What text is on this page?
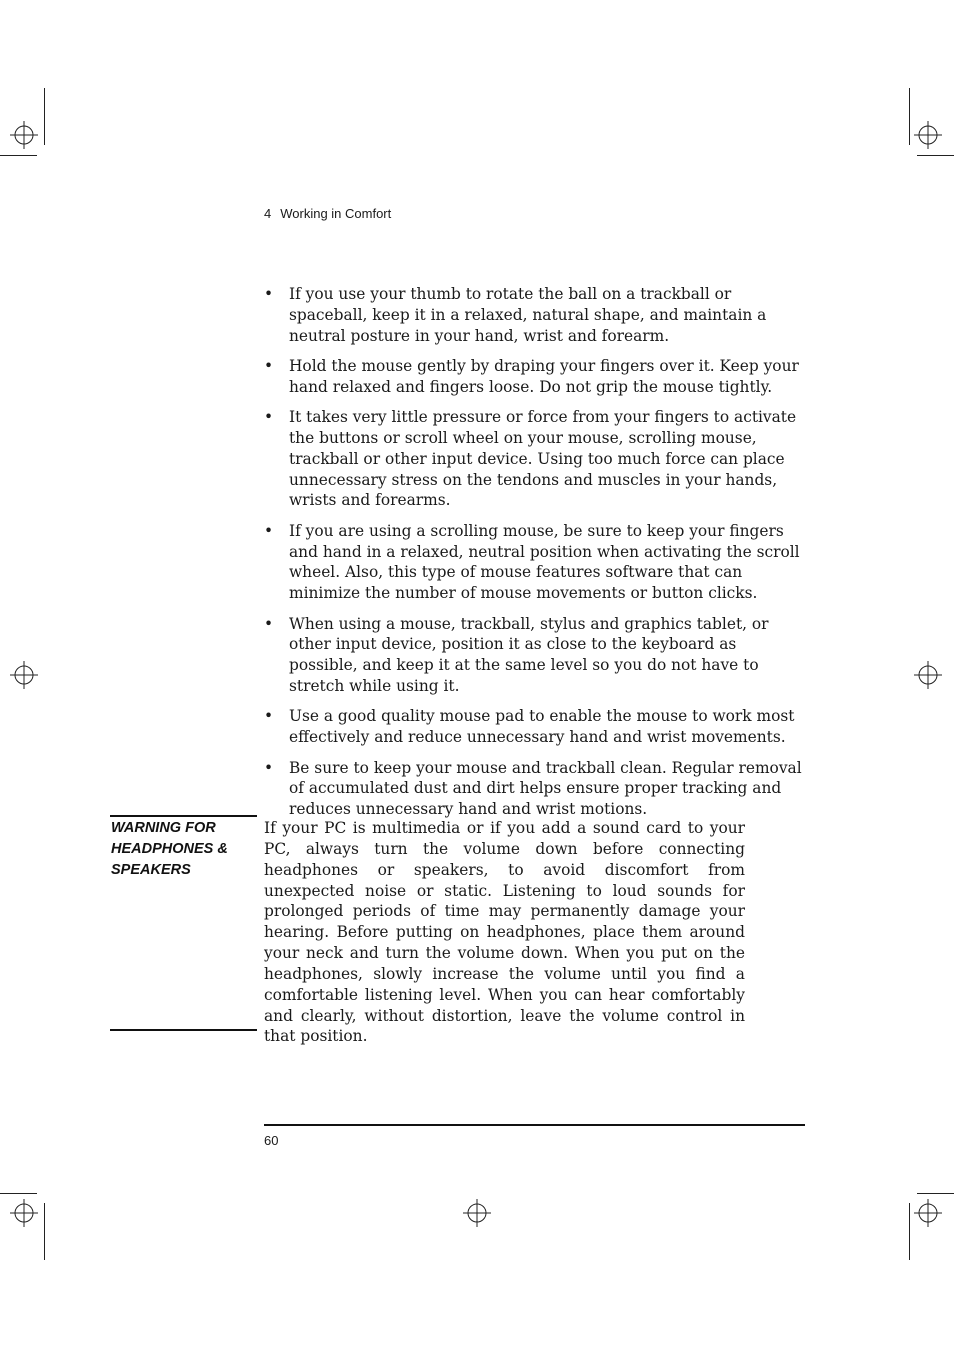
4 Working in Comfort
• If you use your thumb to rotate the ball on a trackball or spaceball, keep it in a relaxed, natural shape, and maintain a neutral posture in your hand, wrist and forearm.
• Hold the mouse gently by draping your fingers over it. Keep your hand relaxed and fingers loose. Do not grip the mouse tightly.
• It takes very little pressure or force from your fingers to activate the buttons or scroll wheel on your mouse, scrolling mouse, trackball or other input device. Using too much force can place unnecessary stress on the tendons and muscles in your hands, wrists and forearms.
• If you are using a scrolling mouse, be sure to keep your fingers and hand in a relaxed, neutral position when activating the scroll wheel. Also, this type of mouse features software that can minimize the number of mouse movements or button clicks.
• When using a mouse, trackball, stylus and graphics tablet, or other input device, position it as close to the keyboard as possible, and keep it at the same level so you do not have to stretch while using it.
• Use a good quality mouse pad to enable the mouse to work most effectively and reduce unnecessary hand and wrist movements.
• Be sure to keep your mouse and trackball clean. Regular removal of accumulated dust and dirt helps ensure proper tracking and reduces unnecessary hand and wrist motions.
WARNING FOR
HEADPHONES &
SPEAKERS
If your PC is multimedia or if you add a sound card to your PC, always turn the volume down before connecting headphones or speakers, to avoid discomfort from unexpected noise or static. Listening to loud sounds for prolonged periods of time may permanently damage your hearing. Before putting on headphones, place them around your neck and turn the volume down. When you put on the headphones, slowly increase the volume until you find a comfortable listening level. When you can hear comfortably and clearly, without distortion, leave the volume control in that position.
60
